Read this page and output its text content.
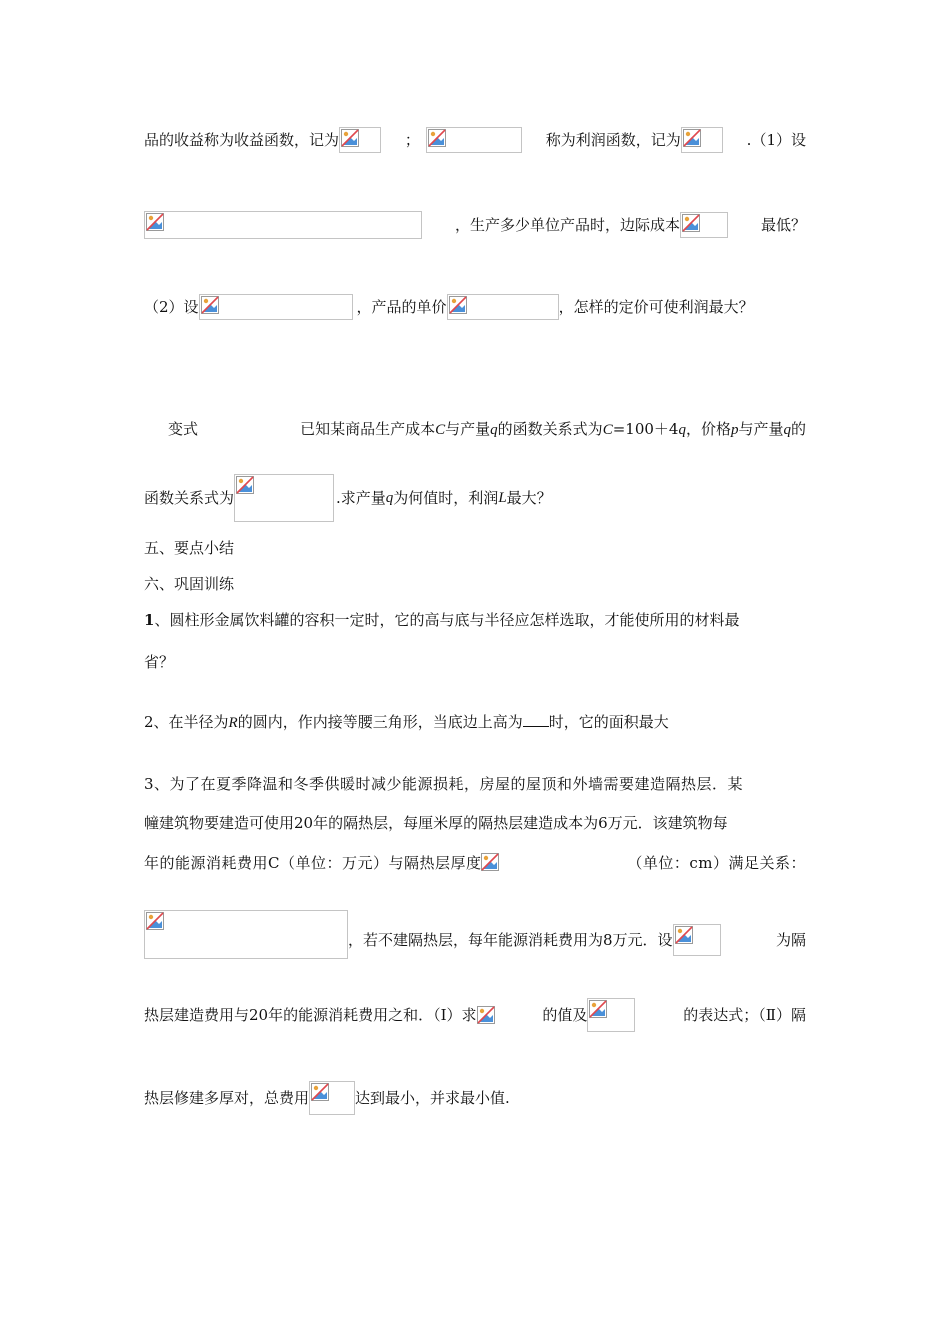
品的收益称为收益函数，记为	；	称为利润函数，记为	.（1）设
，生产多少单位产品时，边际成本	最低？
（2）设	，产品的单价	，怎样的定价可使利润最大？
变式	已知某商品生产成本C与产量q的函数关系式为C=100＋4q，价格p与产量q的
函数关系式为	.求产量 q 为何值时，利润 L 最大？
五、要点小结
六、巩固训练
1、圆柱形金属饮料罐的容积一定时，它的高与底与半径应怎样选取，才能使所用的材料最
省？
2、在半径为R的圆内，作内接等腰三角形，当底边上高为 时，它的面积最大
3、为了在夏季降温和冬季供暖时减少能源损耗，房屋的屋顶和外墙需要建造隔热层．某
幢建筑物要建造可使用20年的隔热层，每厘米厚的隔热层建造成本为6万元．该建筑物每
年的能源消耗费用C（单位：万元）与隔热层厚度	（单位：cm）满足关系：
，若不建隔热层，每年能源消耗费用为8万元．设	为隔
热层建造费用与20年的能源消耗费用之和．（Ⅰ）求	的值及	的表达式；（Ⅱ）隔
热层修建多厚对，总费用	达到最小，并求最小值.
